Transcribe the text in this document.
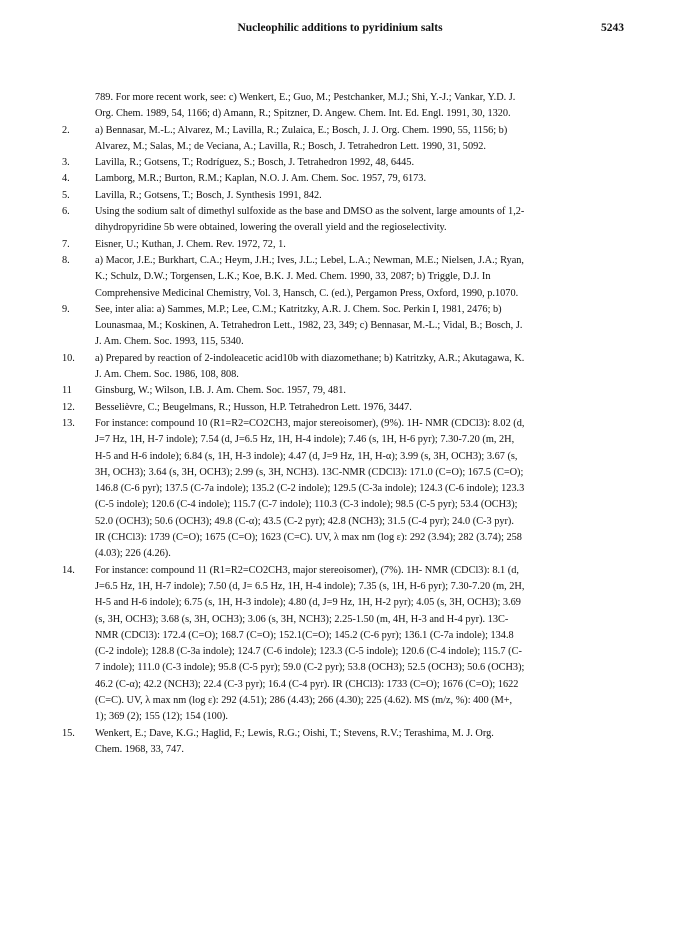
Nucleophilic additions to pyridinium salts	5243
789. For more recent work, see: c) Wenkert, E.; Guo, M.; Pestchanker, M.J.; Shi, Y.-J.; Vankar, Y.D. J.
Org. Chem. 1989, 54, 1166; d) Amann, R.; Spitzner, D. Angew. Chem. Int. Ed. Engl. 1991, 30, 1320.
2.	a) Bennasar, M.-L.; Alvarez, M.; Lavilla, R.; Zulaica, E.; Bosch, J. J. Org. Chem. 1990, 55, 1156; b)
Alvarez, M.; Salas, M.; de Veciana, A.; Lavilla, R.; Bosch, J. Tetrahedron Lett. 1990, 31, 5092.
3.	Lavilla, R.; Gotsens, T.; Rodríguez, S.; Bosch, J. Tetrahedron 1992, 48, 6445.
4.	Lamborg, M.R.; Burton, R.M.; Kaplan, N.O. J. Am. Chem. Soc. 1957, 79, 6173.
5.	Lavilla, R.; Gotsens, T.; Bosch, J. Synthesis 1991, 842.
6.	Using the sodium salt of dimethyl sulfoxide as the base and DMSO as the solvent, large amounts of 1,2-
dihydropyridine 5b were obtained, lowering the overall yield and the regioselectivity.
7.	Eisner, U.; Kuthan, J. Chem. Rev. 1972, 72, 1.
8.	a) Macor, J.E.; Burkhart, C.A.; Heym, J.H.; Ives, J.L.; Lebel, L.A.; Newman, M.E.; Nielsen, J.A.; Ryan,
K.; Schulz, D.W.; Torgensen, L.K.; Koe, B.K. J. Med. Chem. 1990, 33, 2087; b) Triggle, D.J. In
Comprehensive Medicinal Chemistry, Vol. 3, Hansch, C. (ed.), Pergamon Press, Oxford, 1990, p.1070.
9.	See, inter alia: a) Sammes, M.P.; Lee, C.M.; Katritzky, A.R. J. Chem. Soc. Perkin I, 1981, 2476; b)
Lounasmaa, M.; Koskinen, A. Tetrahedron Lett., 1982, 23, 349; c) Bennasar, M.-L.; Vidal, B.; Bosch, J.
J. Am. Chem. Soc. 1993, 115, 5340.
10.	a) Prepared by reaction of 2-indoleacetic acid10b with diazomethane; b) Katritzky, A.R.; Akutagawa, K.
J. Am. Chem. Soc. 1986, 108, 808.
11	Ginsburg, W.; Wilson, I.B. J. Am. Chem. Soc. 1957, 79, 481.
12.	Besselièvre, C.; Beugelmans, R.; Husson, H.P. Tetrahedron Lett. 1976, 3447.
13.	For instance: compound 10 (R1=R2=CO2CH3, major stereoisomer), (9%). 1H- NMR (CDCl3): 8.02 (d,
J=7 Hz, 1H, H-7 indole); 7.54 (d, J=6.5 Hz, 1H, H-4 indole); 7.46 (s, 1H, H-6 pyr); 7.30-7.20 (m, 2H,
H-5 and H-6 indole); 6.84 (s, 1H, H-3 indole); 4.47 (d, J=9 Hz, 1H, H-α); 3.99 (s, 3H, OCH3); 3.67 (s,
3H, OCH3); 3.64 (s, 3H, OCH3); 2.99 (s, 3H, NCH3). 13C-NMR (CDCl3): 171.0 (C=O); 167.5 (C=O);
146.8 (C-6 pyr); 137.5 (C-7a indole); 135.2 (C-2 indole); 129.5 (C-3a indole); 124.3 (C-6 indole); 123.3
(C-5 indole); 120.6 (C-4 indole); 115.7 (C-7 indole); 110.3 (C-3 indole); 98.5 (C-5 pyr); 53.4 (OCH3);
52.0 (OCH3); 50.6 (OCH3); 49.8 (C-α); 43.5 (C-2 pyr); 42.8 (NCH3); 31.5 (C-4 pyr); 24.0 (C-3 pyr).
IR (CHCl3): 1739 (C=O); 1675 (C=O); 1623 (C=C). UV, λ max nm (log ε): 292 (3.94); 282 (3.74); 258
(4.03); 226 (4.26).
14.	For instance: compound 11 (R1=R2=CO2CH3, major stereoisomer), (7%). 1H- NMR (CDCl3): 8.1 (d,
J=6.5 Hz, 1H, H-7 indole); 7.50 (d, J= 6.5 Hz, 1H, H-4 indole); 7.35 (s, 1H, H-6 pyr); 7.30-7.20 (m, 2H,
H-5 and H-6 indole); 6.75 (s, 1H, H-3 indole); 4.80 (d, J=9 Hz, 1H, H-2 pyr); 4.05 (s, 3H, OCH3); 3.69
(s, 3H, OCH3); 3.68 (s, 3H, OCH3); 3.06 (s, 3H, NCH3); 2.25-1.50 (m, 4H, H-3 and H-4 pyr). 13C-
NMR (CDCl3): 172.4 (C=O); 168.7 (C=O); 152.1(C=O); 145.2 (C-6 pyr); 136.1 (C-7a indole); 134.8
(C-2 indole); 128.8 (C-3a indole); 124.7 (C-6 indole); 123.3 (C-5 indole); 120.6 (C-4 indole); 115.7 (C-
7 indole); 111.0 (C-3 indole); 95.8 (C-5 pyr); 59.0 (C-2 pyr); 53.8 (OCH3); 52.5 (OCH3); 50.6 (OCH3);
46.2 (C-α); 42.2 (NCH3); 22.4 (C-3 pyr); 16.4 (C-4 pyr). IR (CHCl3): 1733 (C=O); 1676 (C=O); 1622
(C=C). UV, λ max nm (log ε): 292 (4.51); 286 (4.43); 266 (4.30); 225 (4.62). MS (m/z, %): 400 (M+,
1); 369 (2); 155 (12); 154 (100).
15.	Wenkert, E.; Dave, K.G.; Haglid, F.; Lewis, R.G.; Oishi, T.; Stevens, R.V.; Terashima, M. J. Org.
Chem. 1968, 33, 747.
